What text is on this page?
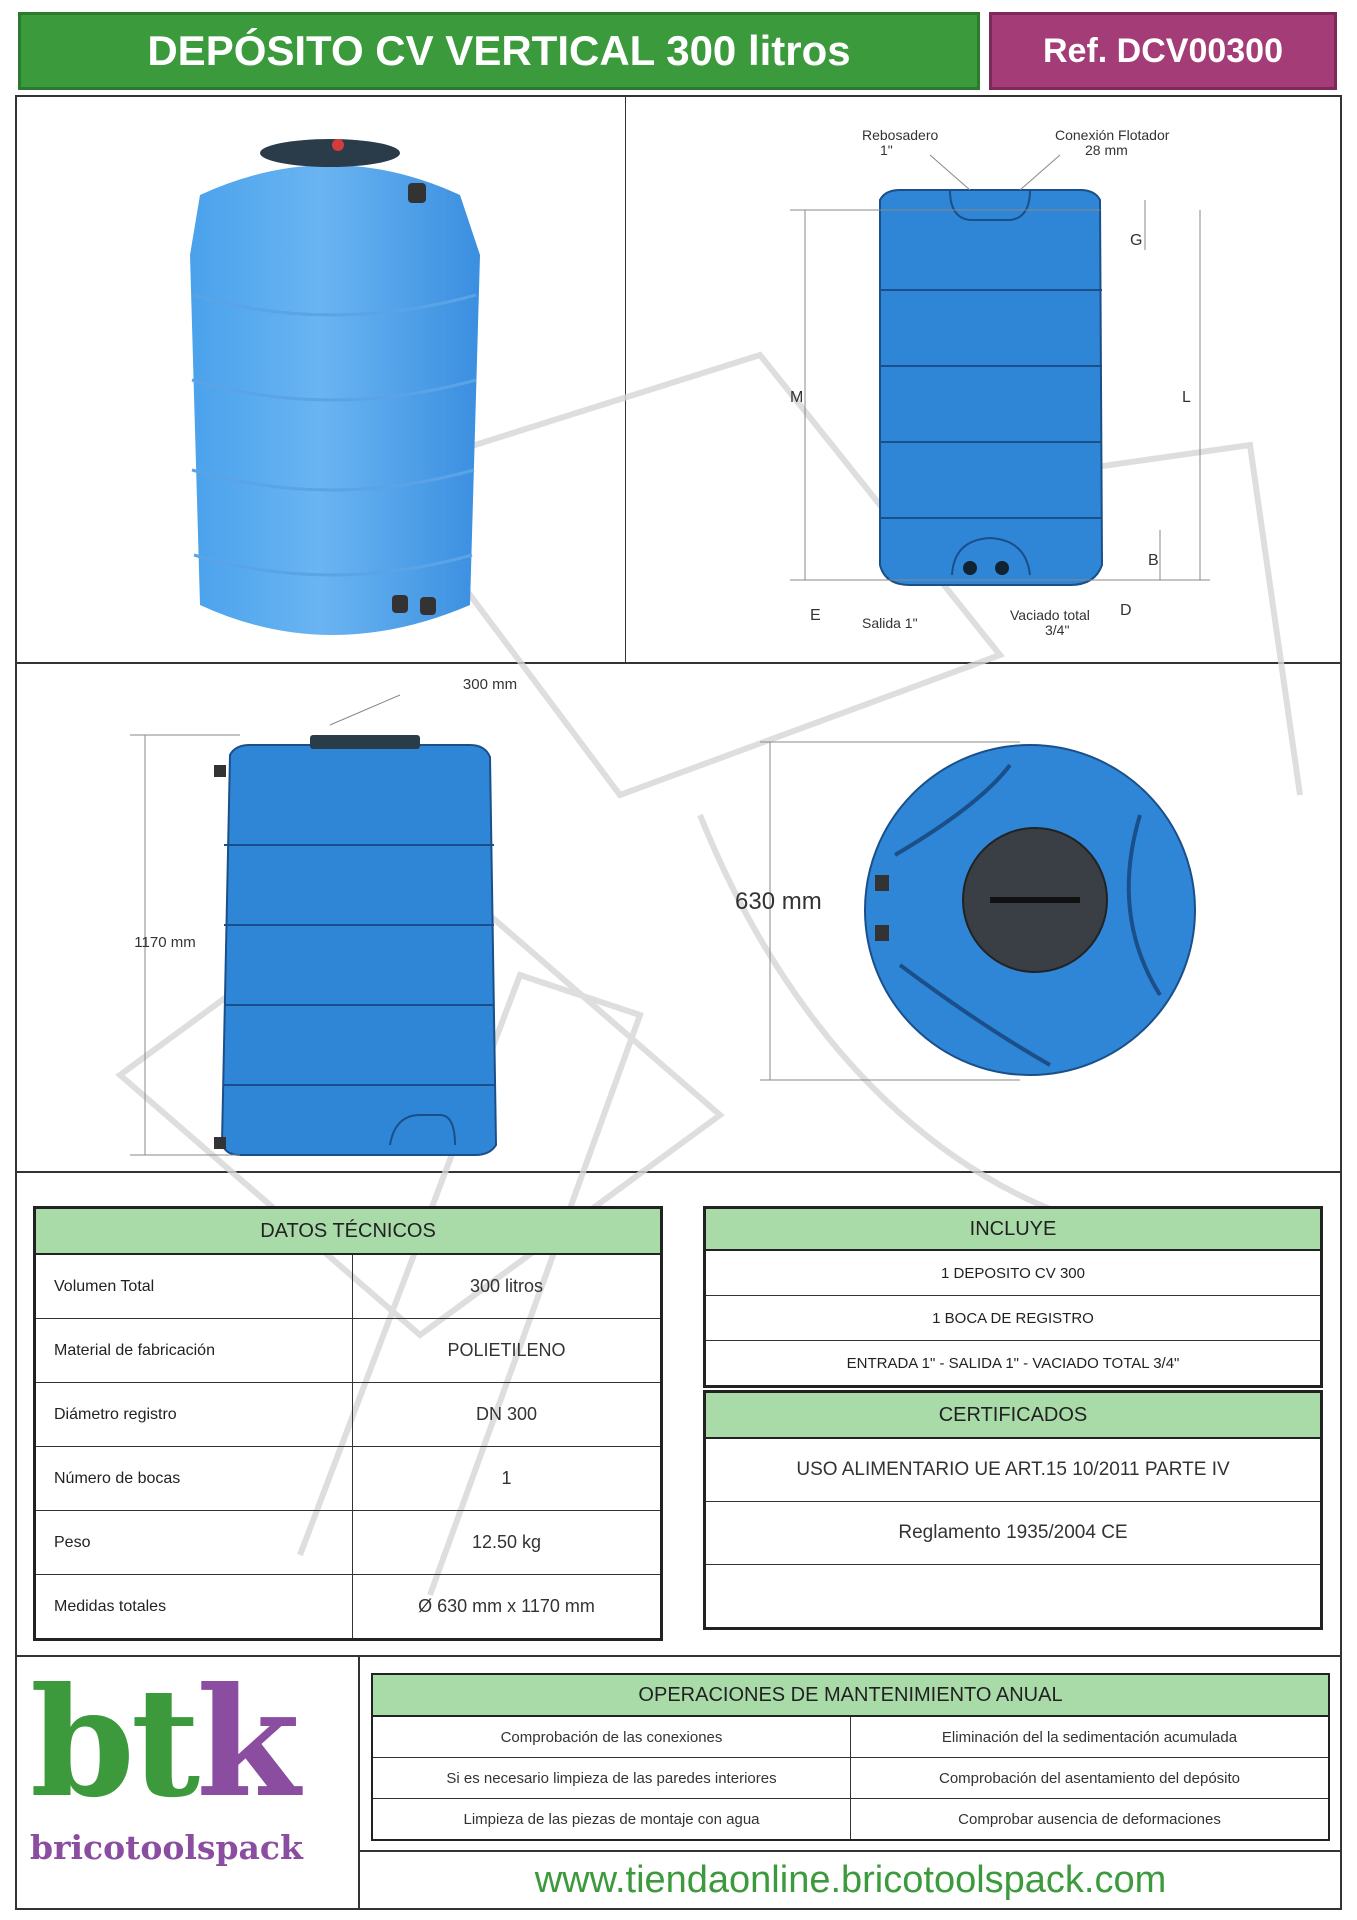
DEPÓSITO CV VERTICAL 300 litros	Ref. DCV00300
Rebosadero
1"
Conexión Flotador
28 mm
M	L
G
B
E	D
Salida 1"	Vaciado total
3/4"
300 mm
1170 mm
630 mm
DATOS TÉCNICOS	
Volumen Total	300 litros
Material de fabricación	POLIETILENO
Diámetro registro	DN 300
Número de bocas	1
Peso	12.50 kg
Medidas totales	Ø 630 mm x 1170 mm
INCLUYE
1 DEPOSITO CV 300
1 BOCA DE REGISTRO
ENTRADA 1" - SALIDA 1" - VACIADO TOTAL 3/4"
CERTIFICADOS
USO ALIMENTARIO UE ART.15 10/2011 PARTE IV
Reglamento 1935/2004 CE

btk
bricotoolspack
OPERACIONES DE MANTENIMIENTO ANUAL	
Comprobación de las conexiones	Eliminación del la sedimentación acumulada
Si es necesario limpieza de las paredes interiores	Comprobación del asentamiento del depósito
Limpieza de las piezas de montaje con agua	Comprobar ausencia de deformaciones
www.tiendaonline.bricotoolspack.com
